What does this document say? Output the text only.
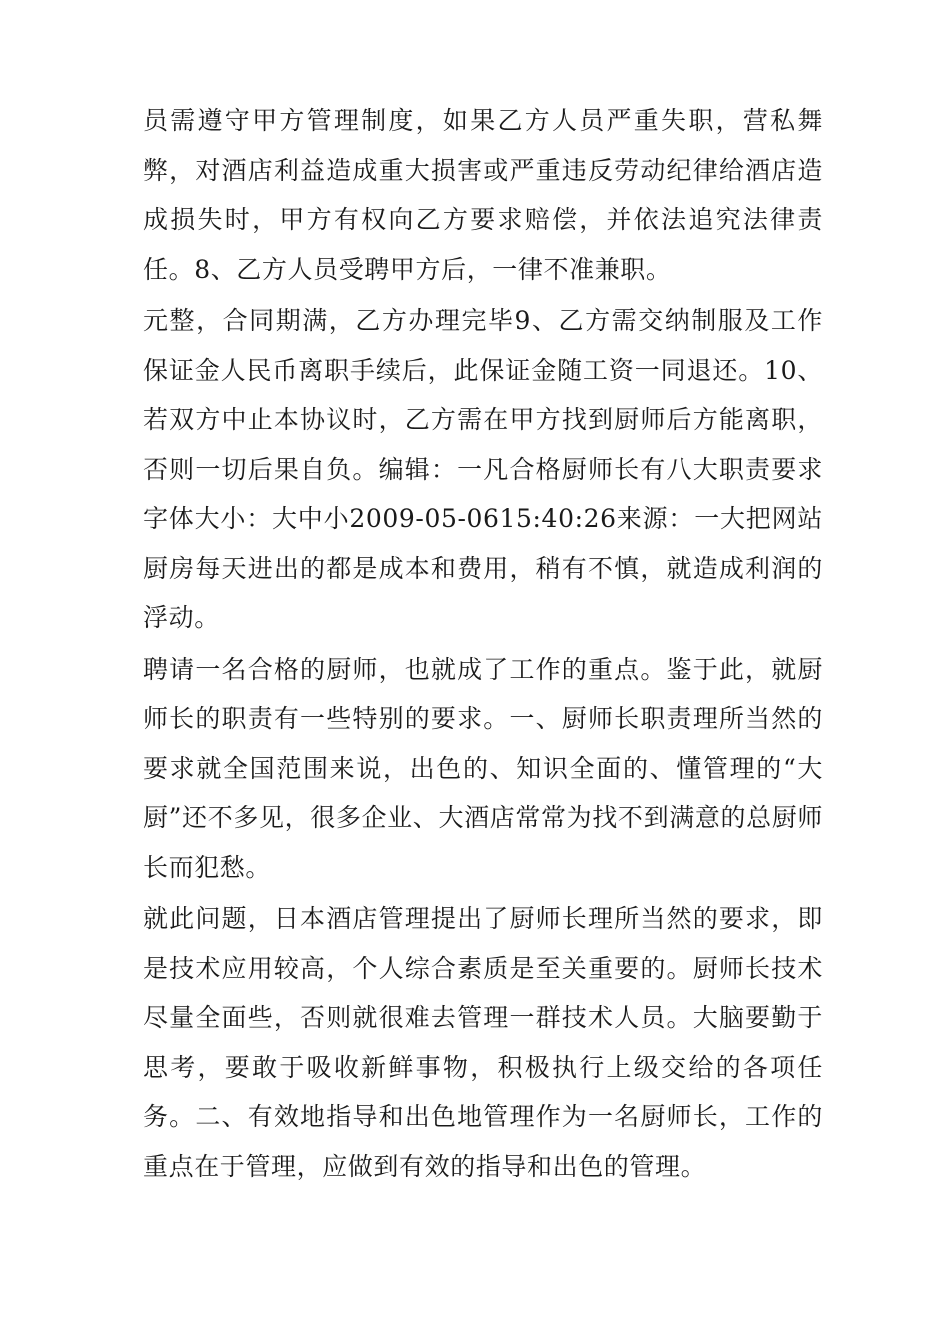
员需遵守甲方管理制度，如果乙方人员严重失职，营私舞弊，对酒店利益造成重大损害或严重违反劳动纪律给酒店造成损失时，甲方有权向乙方要求赔偿，并依法追究法律责任。8、乙方人员受聘甲方后，一律不准兼职。

元整，合同期满，乙方办理完毕9、乙方需交纳制服及工作保证金人民币离职手续后，此保证金随工资一同退还。10、若双方中止本协议时，乙方需在甲方找到厨师后方能离职，否则一切后果自负。编辑：一凡合格厨师长有八大职责要求字体大小：大中小2009-05-0615:40:26来源：一大把网站厨房每天进出的都是成本和费用，稍有不慎，就造成利润的浮动。

聘请一名合格的厨师，也就成了工作的重点。鉴于此，就厨师长的职责有一些特别的要求。一、厨师长职责理所当然的要求就全国范围来说，出色的、知识全面的、懂管理的“大厨”还不多见，很多企业、大酒店常常为找不到满意的总厨师长而犯愁。

就此问题，日本酒店管理提出了厨师长理所当然的要求，即是技术应用较高，个人综合素质是至关重要的。厨师长技术尽量全面些，否则就很难去管理一群技术人员。大脑要勤于思考，要敢于吸收新鲜事物，积极执行上级交给的各项任务。二、有效地指导和出色地管理作为一名厨师长，工作的重点在于管理，应做到有效的指导和出色的管理。
